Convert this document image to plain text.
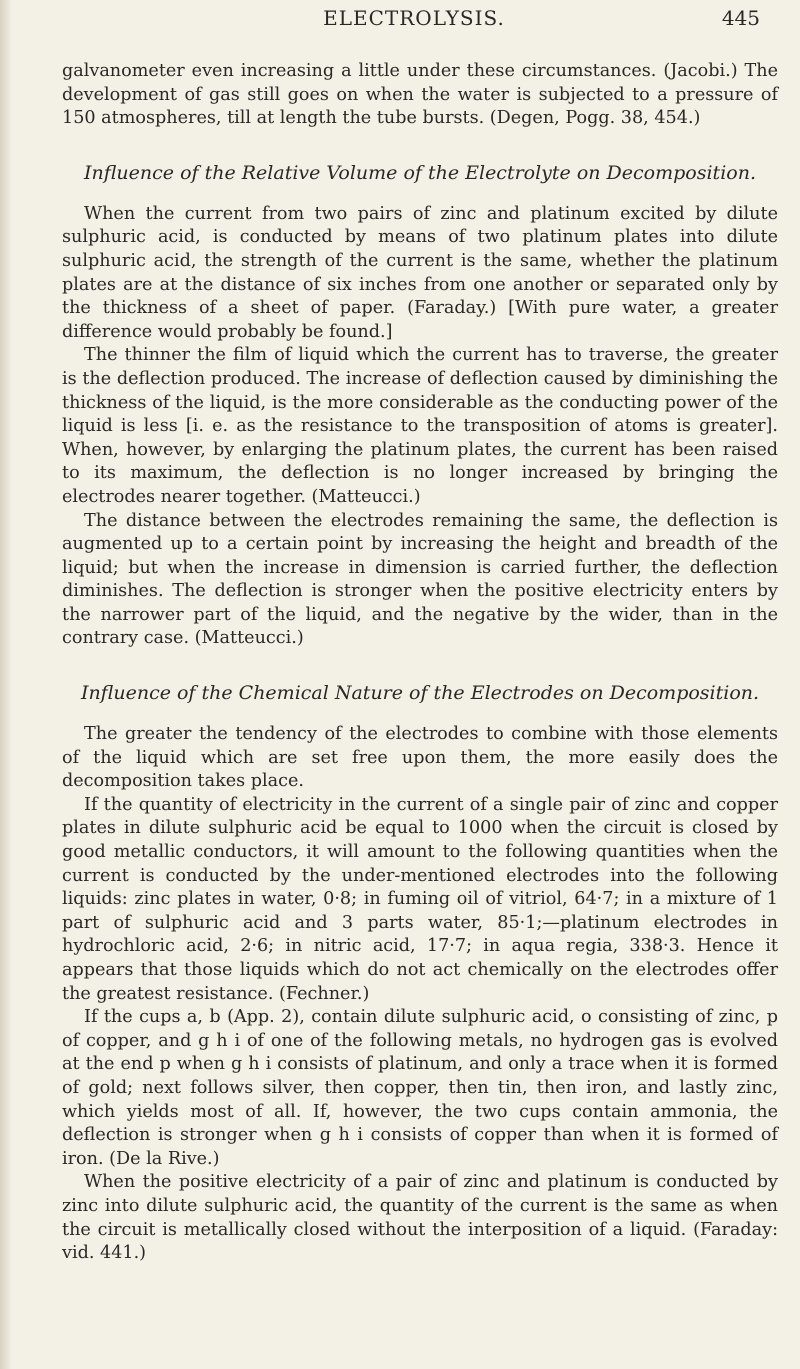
ELECTROLYSIS.	445

galvanometer even increasing a little under these circumstances. (Jacobi.) The development of gas still goes on when the water is subjected to a pressure of 150 atmospheres, till at length the tube bursts. (Degen, Pogg. 38, 454.)

Influence of the Relative Volume of the Electrolyte on Decomposition.

When the current from two pairs of zinc and platinum excited by dilute sulphuric acid, is conducted by means of two platinum plates into dilute sulphuric acid, the strength of the current is the same, whether the platinum plates are at the distance of six inches from one another or separated only by the thickness of a sheet of paper. (Faraday.) [With pure water, a greater difference would probably be found.]

The thinner the film of liquid which the current has to traverse, the greater is the deflection produced. The increase of deflection caused by diminishing the thickness of the liquid, is the more considerable as the conducting power of the liquid is less [i. e. as the resistance to the transposition of atoms is greater]. When, however, by enlarging the platinum plates, the current has been raised to its maximum, the deflection is no longer increased by bringing the electrodes nearer together. (Matteucci.)

The distance between the electrodes remaining the same, the deflection is augmented up to a certain point by increasing the height and breadth of the liquid; but when the increase in dimension is carried further, the deflection diminishes. The deflection is stronger when the positive electricity enters by the narrower part of the liquid, and the negative by the wider, than in the contrary case. (Matteucci.)

Influence of the Chemical Nature of the Electrodes on Decomposition.

The greater the tendency of the electrodes to combine with those elements of the liquid which are set free upon them, the more easily does the decomposition takes place.

If the quantity of electricity in the current of a single pair of zinc and copper plates in dilute sulphuric acid be equal to 1000 when the circuit is closed by good metallic conductors, it will amount to the following quantities when the current is conducted by the under-mentioned electrodes into the following liquids: zinc plates in water, 0·8; in fuming oil of vitriol, 64·7; in a mixture of 1 part of sulphuric acid and 3 parts water, 85·1;—platinum electrodes in hydrochloric acid, 2·6; in nitric acid, 17·7; in aqua regia, 338·3. Hence it appears that those liquids which do not act chemically on the electrodes offer the greatest resistance. (Fechner.)

If the cups a, b (App. 2), contain dilute sulphuric acid, o consisting of zinc, p of copper, and g h i of one of the following metals, no hydrogen gas is evolved at the end p when g h i consists of platinum, and only a trace when it is formed of gold; next follows silver, then copper, then tin, then iron, and lastly zinc, which yields most of all. If, however, the two cups contain ammonia, the deflection is stronger when g h i consists of copper than when it is formed of iron. (De la Rive.)

When the positive electricity of a pair of zinc and platinum is conducted by zinc into dilute sulphuric acid, the quantity of the current is the same as when the circuit is metallically closed without the interposition of a liquid. (Faraday: vid. 441.)
